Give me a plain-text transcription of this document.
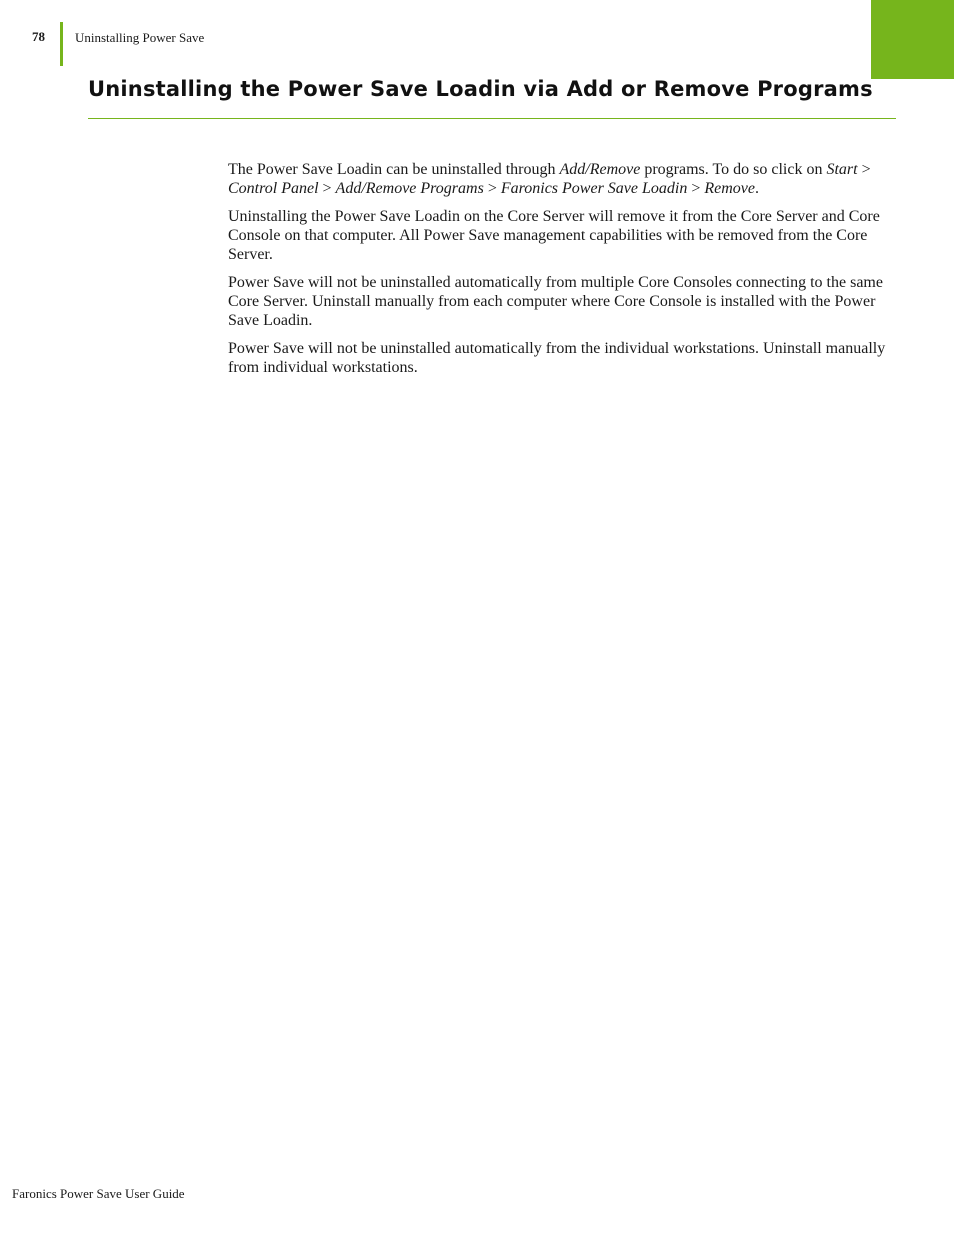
78 Uninstalling Power Save
Uninstalling the Power Save Loadin via Add or Remove Programs

The Power Save Loadin can be uninstalled through Add/Remove programs. To do so click on Start > Control Panel > Add/Remove Programs > Faronics Power Save Loadin > Remove.

Uninstalling the Power Save Loadin on the Core Server will remove it from the Core Server and Core Console on that computer. All Power Save management capabilities with be removed from the Core Server.

Power Save will not be uninstalled automatically from multiple Core Consoles connecting to the same Core Server. Uninstall manually from each computer where Core Console is installed with the Power Save Loadin.

Power Save will not be uninstalled automatically from the individual workstations. Uninstall manually from individual workstations.

Faronics Power Save User Guide
